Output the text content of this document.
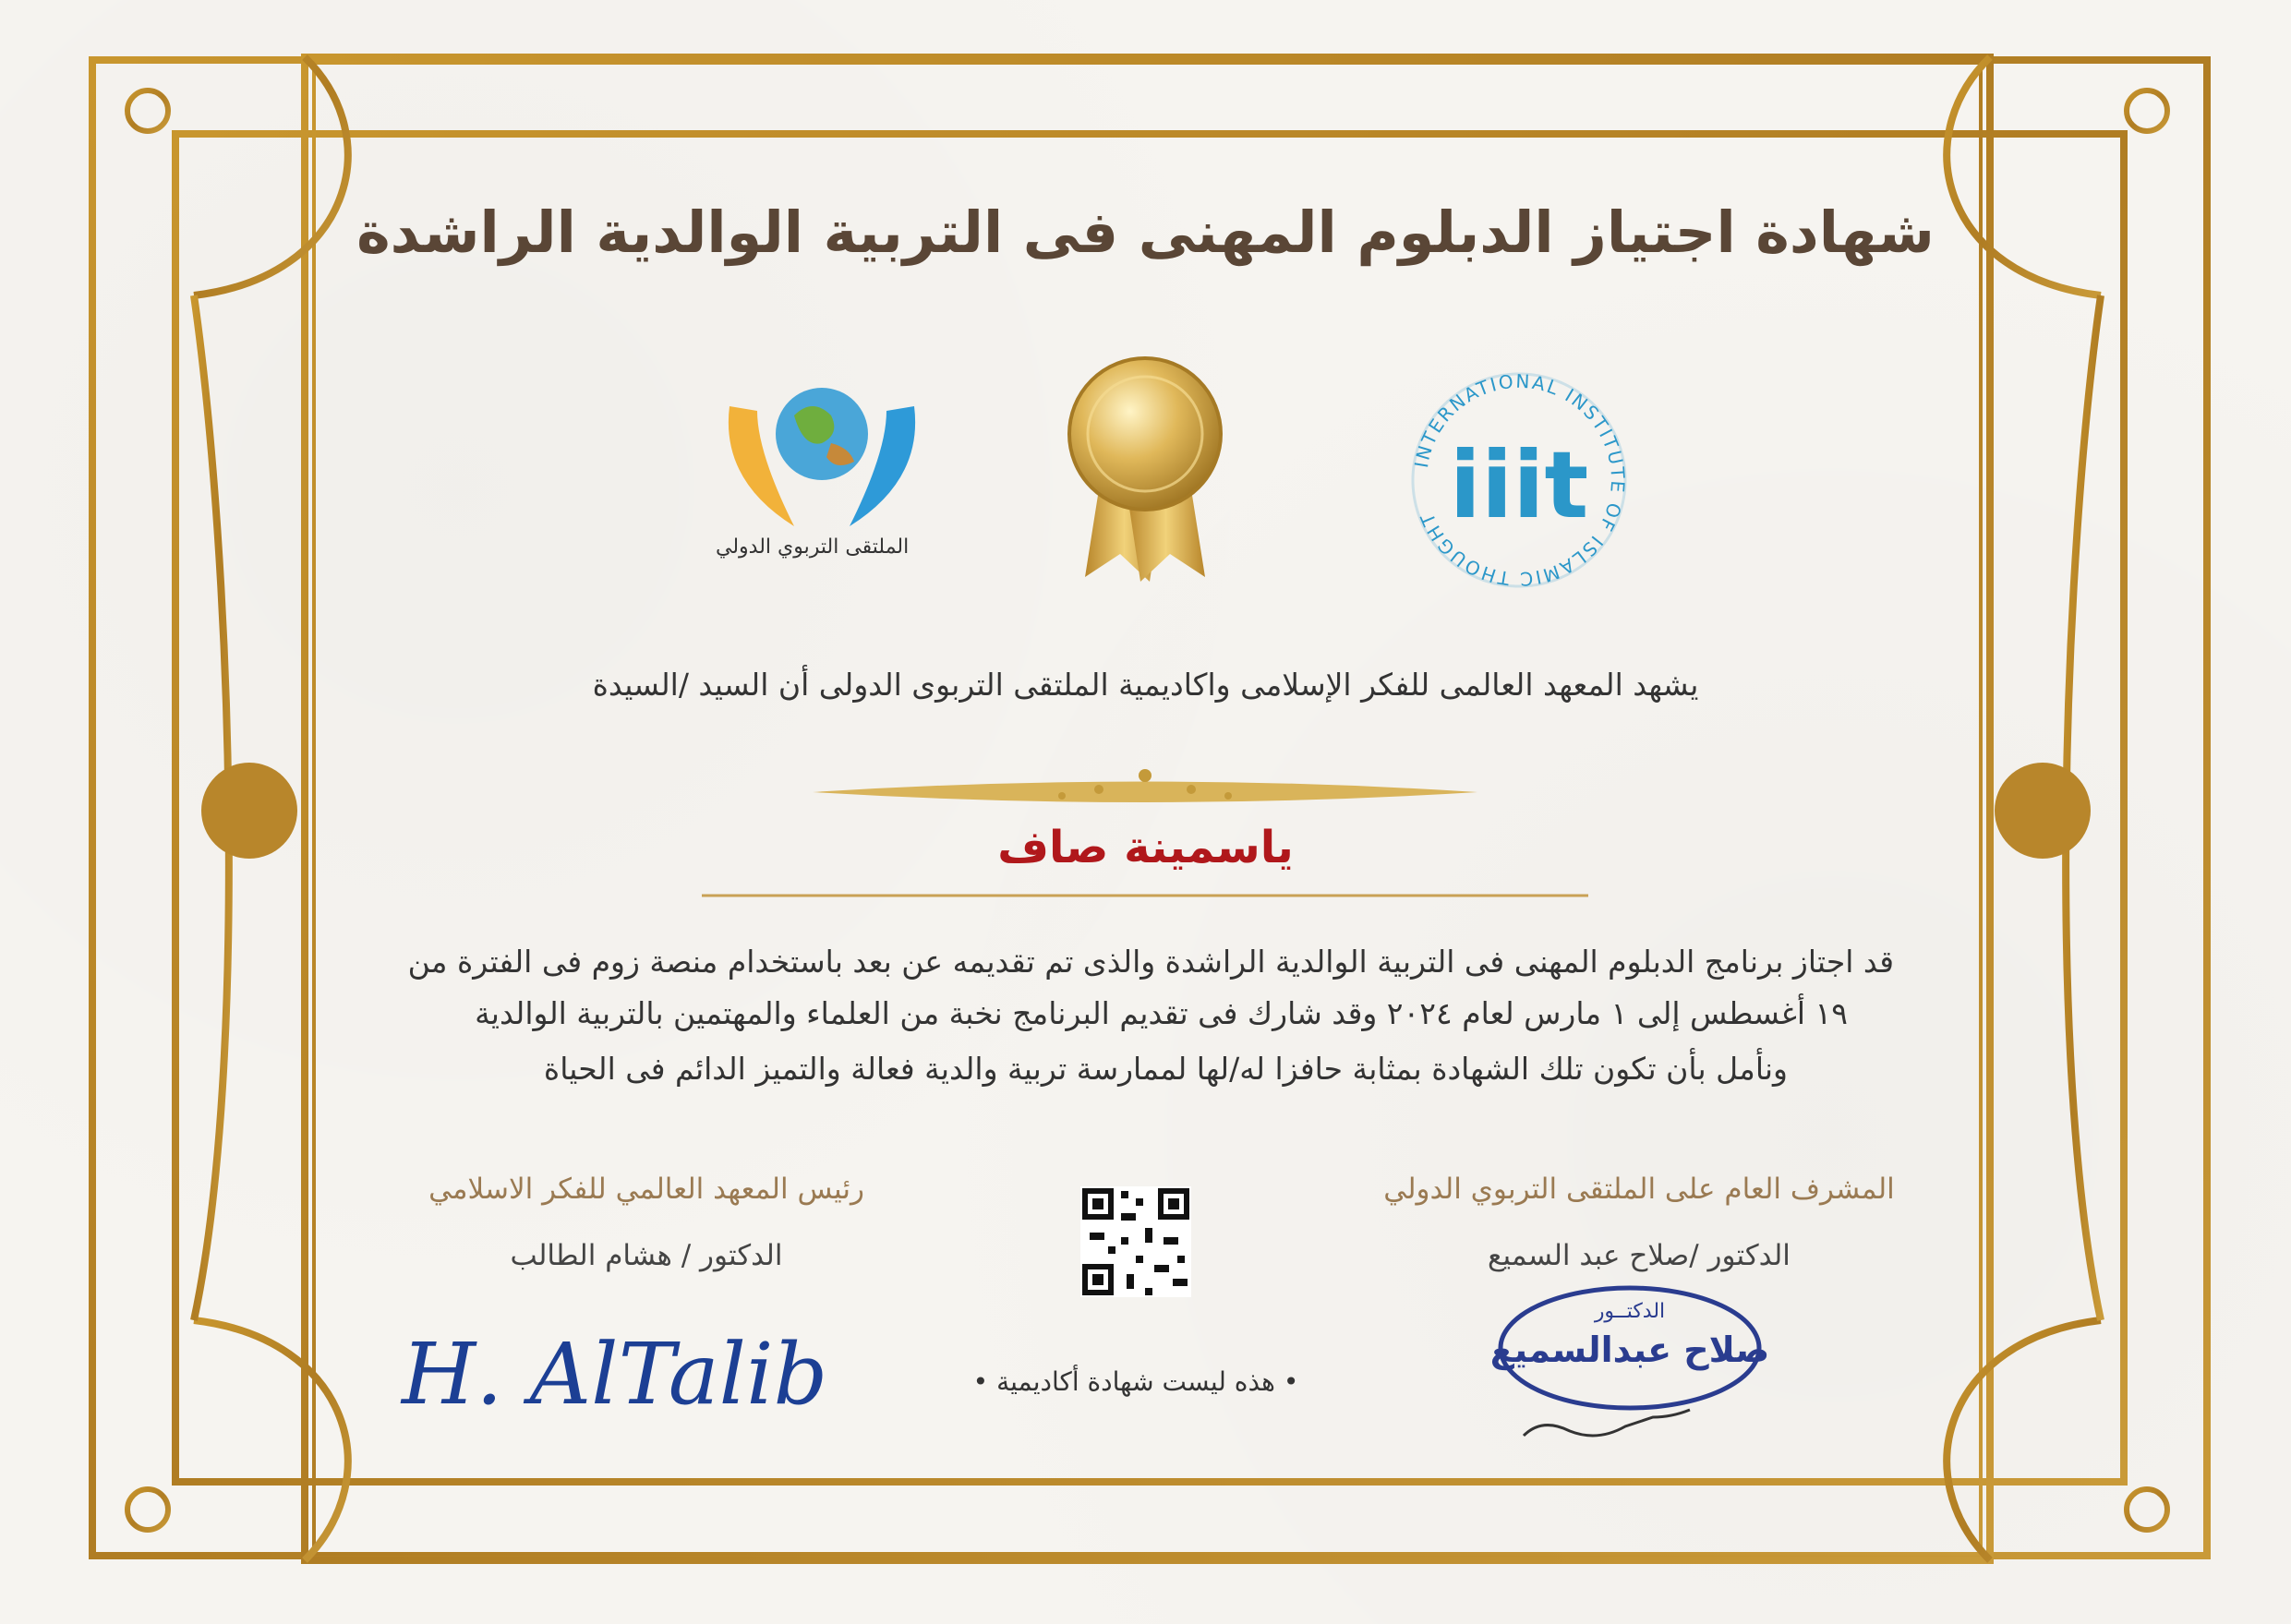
INTERNATIONAL INSTITUTE OF ISLAMIC THOUGHT iiit
H. AlTalib
الدكتــور
صلاح عبدالسميع
الملتقى التربوي الدولي
شهادة اجتياز الدبلوم المهنى فى التربية الوالدية الراشدة
يشهد المعهد العالمى للفكر الإسلامى واكاديمية الملتقى التربوى الدولى أن السيد /السيدة
ياسمينة صاف
قد اجتاز برنامج الدبلوم المهنى فى التربية الوالدية الراشدة والذى تم تقديمه عن بعد باستخدام منصة زوم فى الفترة من
١٩ أغسطس إلى ١ مارس لعام ٢٠٢٤ وقد شارك فى تقديم البرنامج نخبة من العلماء والمهتمين بالتربية الوالدية
ونأمل بأن تكون تلك الشهادة بمثابة حافزا له/لها لممارسة تربية والدية فعالة والتميز الدائم فى الحياة
رئيس المعهد العالمي للفكر الاسلامي
الدكتور / هشام الطالب
المشرف العام على الملتقى التربوي الدولي
الدكتور /صلاح عبد السميع
• هذه ليست شهادة أكاديمية •
